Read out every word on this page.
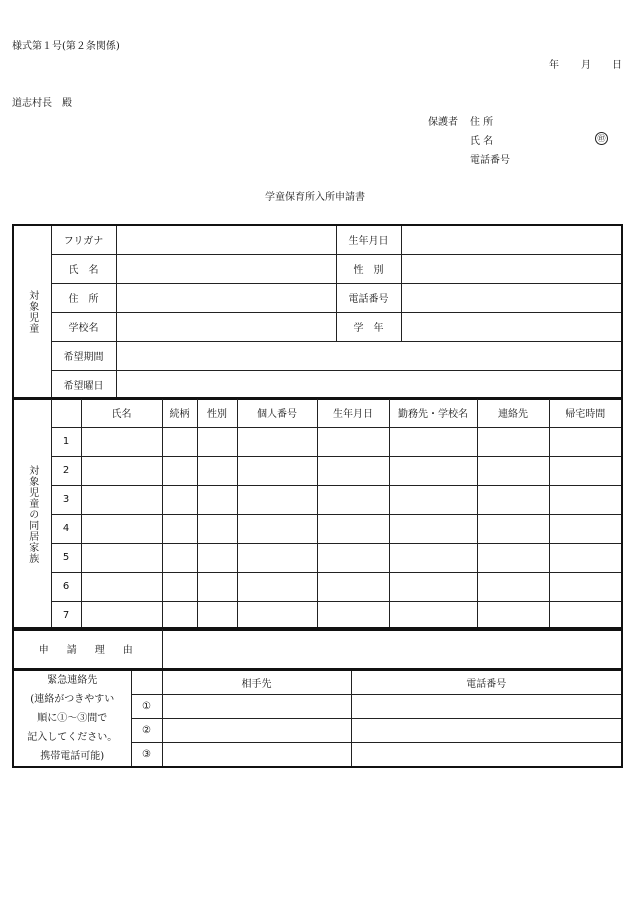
様式第１号(第２条関係)
年 月 日
道志村長　殿
保護者 住 所
氏 名	㊞
電話番号
学童保育所入所申請書
対象児童	フリガナ		生年月日	
	氏　名		性　別	
	住　所		電話番号	
	学校名		学　年	
	希望期間			
	希望曜日			
対象児童の同居家族		氏名	続柄	性別	個人番号	生年月日	勤務先・学校名	連絡先	帰宅時間
	1								
	2								
	3								
	4								
	5								
	6								
	7								
申　請　理　由	
緊急連絡先
(連絡がつきやすい
順に①～③間で
記入してください。
携帯電話可能)		相手先	電話番号
	①		
	②		
	③		
